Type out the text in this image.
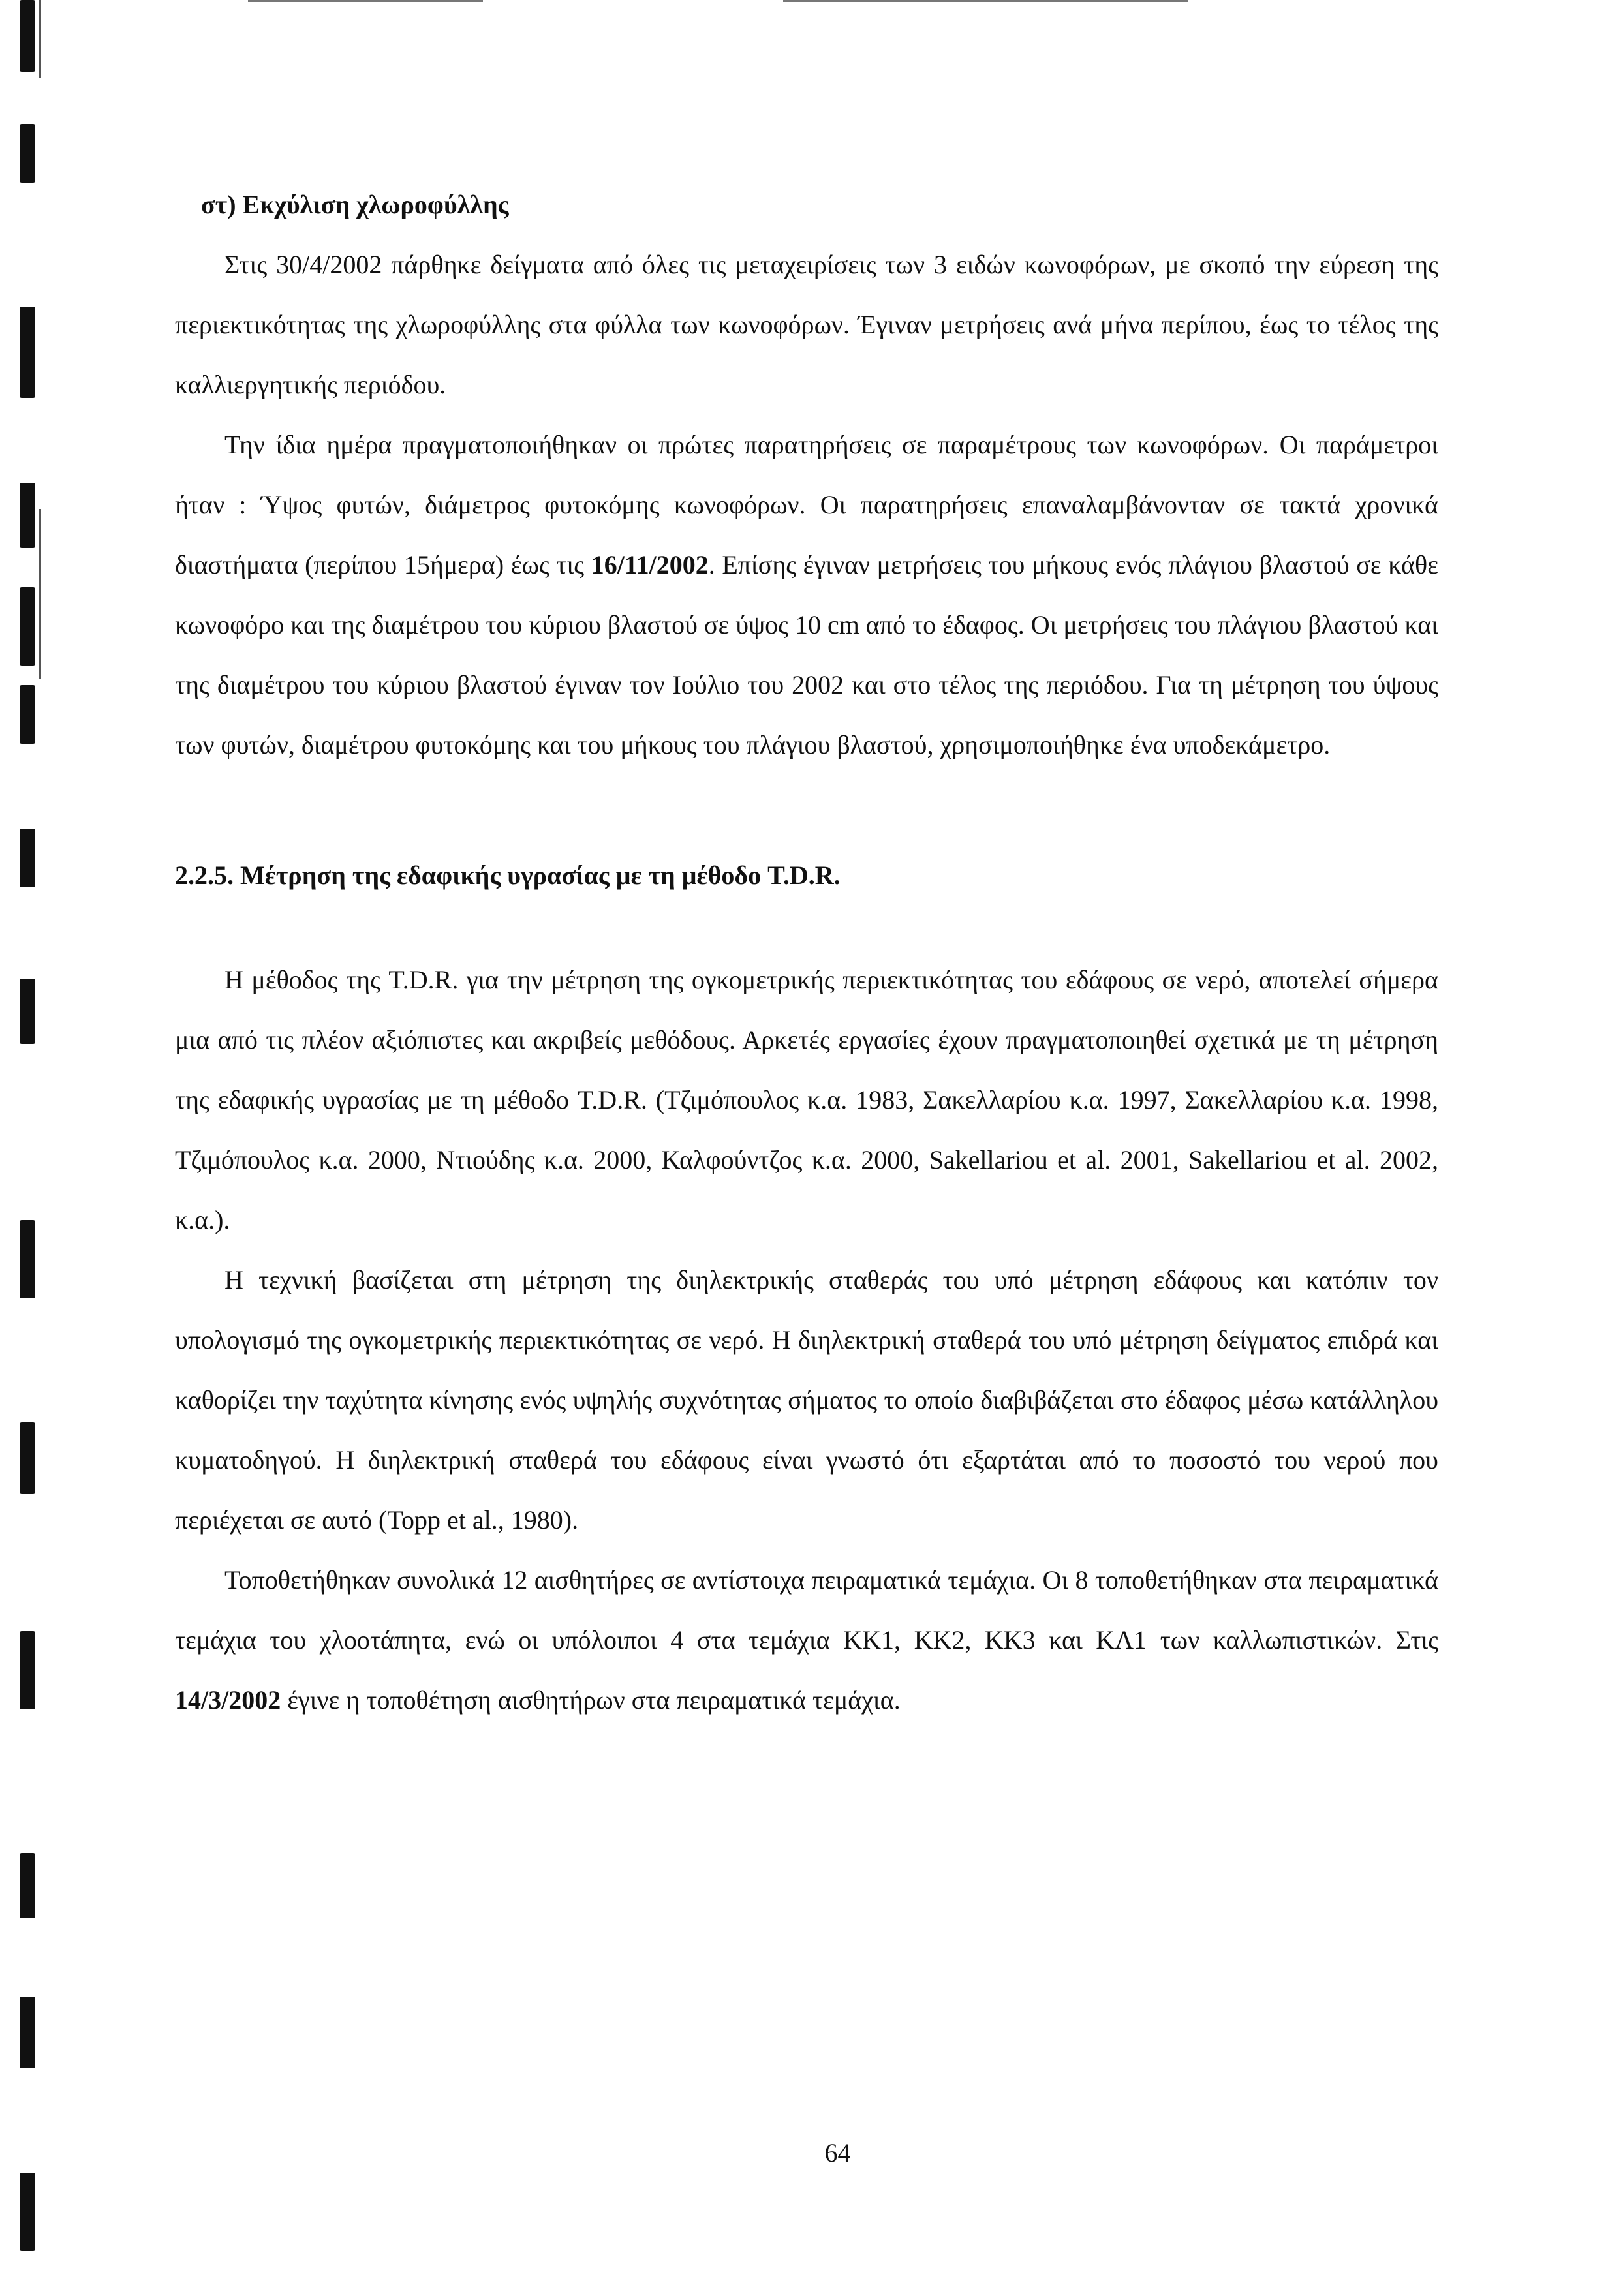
στ) Εκχύλιση χλωροφύλλης

Στις 30/4/2002 πάρθηκε δείγματα από όλες τις μεταχειρίσεις των 3 ειδών κωνοφόρων, με σκοπό την εύρεση της περιεκτικότητας της χλωροφύλλης στα φύλλα των κωνοφόρων. Έγιναν μετρήσεις ανά μήνα περίπου, έως το τέλος της καλλιεργητικής περιόδου.

Την ίδια ημέρα πραγματοποιήθηκαν οι πρώτες παρατηρήσεις σε παραμέτρους των κωνοφόρων. Οι παράμετροι ήταν : Ύψος φυτών, διάμετρος φυτοκόμης κωνοφόρων. Οι παρατηρήσεις επαναλαμβάνονταν σε τακτά χρονικά διαστήματα (περίπου 15ήμερα) έως τις 16/11/2002. Επίσης έγιναν μετρήσεις του μήκους ενός πλάγιου βλαστού σε κάθε κωνοφόρο και της διαμέτρου του κύριου βλαστού σε ύψος 10 cm από το έδαφος. Οι μετρήσεις του πλάγιου βλαστού και της διαμέτρου του κύριου βλαστού έγιναν τον Ιούλιο του 2002 και στο τέλος της περιόδου. Για τη μέτρηση του ύψους των φυτών, διαμέτρου φυτοκόμης και του μήκους του πλάγιου βλαστού, χρησιμοποιήθηκε ένα υποδεκάμετρο.

2.2.5. Μέτρηση της εδαφικής υγρασίας με τη μέθοδο T.D.R.

Η μέθοδος της T.D.R. για την μέτρηση της ογκομετρικής περιεκτικότητας του εδάφους σε νερό, αποτελεί σήμερα μια από τις πλέον αξιόπιστες και ακριβείς μεθόδους. Αρκετές εργασίες έχουν πραγματοποιηθεί σχετικά με τη μέτρηση της εδαφικής υγρασίας με τη μέθοδο T.D.R. (Τζιμόπουλος κ.α. 1983, Σακελλαρίου κ.α. 1997, Σακελλαρίου κ.α. 1998, Τζιμόπουλος κ.α. 2000, Ντιούδης κ.α. 2000, Καλφούντζος κ.α. 2000, Sakellariou et al. 2001, Sakellariou et al. 2002, κ.α.).

Η τεχνική βασίζεται στη μέτρηση της διηλεκτρικής σταθεράς του υπό μέτρηση εδάφους και κατόπιν τον υπολογισμό της ογκομετρικής περιεκτικότητας σε νερό. Η διηλεκτρική σταθερά του υπό μέτρηση δείγματος επιδρά και καθορίζει την ταχύτητα κίνησης ενός υψηλής συχνότητας σήματος το οποίο διαβιβάζεται στο έδαφος μέσω κατάλληλου κυματοδηγού. Η διηλεκτρική σταθερά του εδάφους είναι γνωστό ότι εξαρτάται από το ποσοστό του νερού που περιέχεται σε αυτό (Topp et al., 1980).

Τοποθετήθηκαν συνολικά 12 αισθητήρες σε αντίστοιχα πειραματικά τεμάχια. Οι 8 τοποθετήθηκαν στα πειραματικά τεμάχια του χλοοτάπητα, ενώ οι υπόλοιποι 4 στα τεμάχια ΚΚ1, ΚΚ2, ΚΚ3 και ΚΛ1 των καλλωπιστικών. Στις 14/3/2002 έγινε η τοποθέτηση αισθητήρων στα πειραματικά τεμάχια.

64
